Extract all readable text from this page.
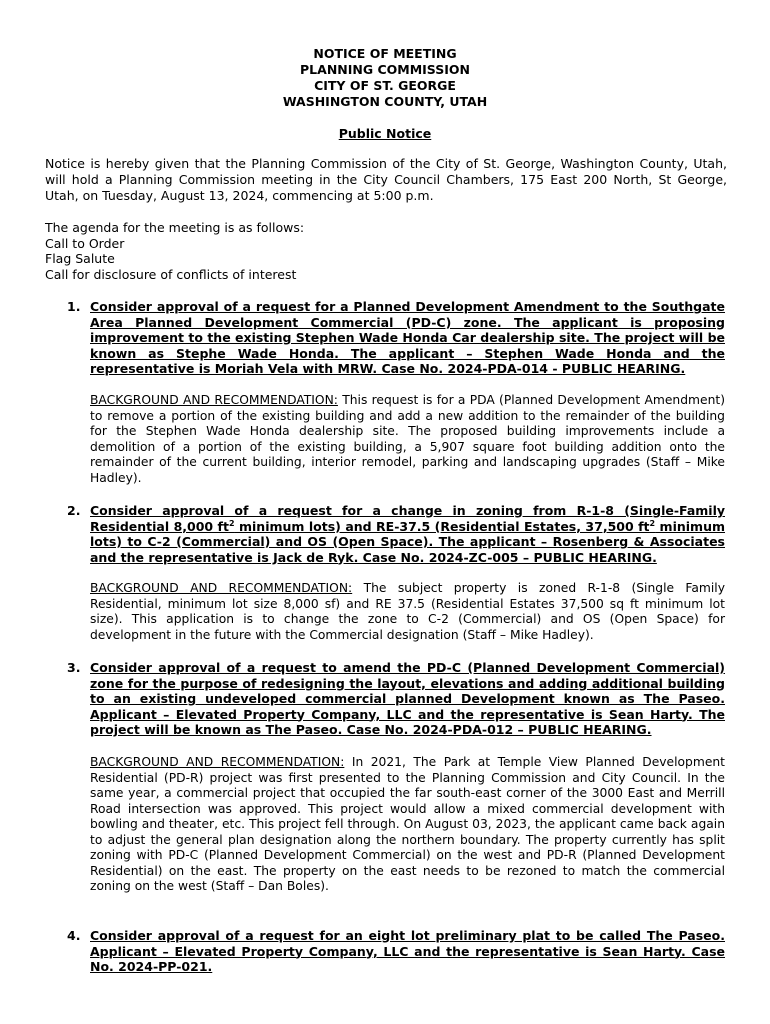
NOTICE OF MEETING
PLANNING COMMISSION
CITY OF ST. GEORGE
WASHINGTON COUNTY, UTAH
Public Notice
Notice is hereby given that the Planning Commission of the City of St. George, Washington County, Utah, will hold a Planning Commission meeting in the City Council Chambers, 175 East 200 North, St George, Utah, on Tuesday, August 13, 2024, commencing at 5:00 p.m.
The agenda for the meeting is as follows:
Call to Order
Flag Salute
Call for disclosure of conflicts of interest
1. Consider approval of a request for a Planned Development Amendment to the Southgate Area Planned Development Commercial (PD-C) zone. The applicant is proposing improvement to the existing Stephen Wade Honda Car dealership site. The project will be known as Stephe Wade Honda. The applicant – Stephen Wade Honda and the representative is Moriah Vela with MRW. Case No. 2024-PDA-014 - PUBLIC HEARING.
BACKGROUND AND RECOMMENDATION: This request is for a PDA (Planned Development Amendment) to remove a portion of the existing building and add a new addition to the remainder of the building for the Stephen Wade Honda dealership site. The proposed building improvements include a demolition of a portion of the existing building, a 5,907 square foot building addition onto the remainder of the current building, interior remodel, parking and landscaping upgrades (Staff – Mike Hadley).
2. Consider approval of a request for a change in zoning from R-1-8 (Single-Family Residential 8,000 $ft^2$ minimum lots) and RE-37.5 (Residential Estates, 37,500 $ft^2$ minimum lots) to C-2 (Commercial) and OS (Open Space). The applicant – Rosenberg & Associates and the representative is Jack de Ryk. Case No. 2024-ZC-005 – PUBLIC HEARING.
BACKGROUND AND RECOMMENDATION: The subject property is zoned R-1-8 (Single Family Residential, minimum lot size 8,000 sf) and RE 37.5 (Residential Estates 37,500 sq ft minimum lot size). This application is to change the zone to C-2 (Commercial) and OS (Open Space) for development in the future with the Commercial designation (Staff – Mike Hadley).
3. Consider approval of a request to amend the PD-C (Planned Development Commercial) zone for the purpose of redesigning the layout, elevations and adding additional building to an existing undeveloped commercial planned Development known as The Paseo. Applicant – Elevated Property Company, LLC and the representative is Sean Harty. The project will be known as The Paseo. Case No. 2024-PDA-012 – PUBLIC HEARING.
BACKGROUND AND RECOMMENDATION: In 2021, The Park at Temple View Planned Development Residential (PD-R) project was first presented to the Planning Commission and City Council. In the same year, a commercial project that occupied the far south-east corner of the 3000 East and Merrill Road intersection was approved. This project would allow a mixed commercial development with bowling and theater, etc. This project fell through. On August 03, 2023, the applicant came back again to adjust the general plan designation along the northern boundary. The property currently has split zoning with PD-C (Planned Development Commercial) on the west and PD-R (Planned Development Residential) on the east. The property on the east needs to be rezoned to match the commercial zoning on the west (Staff – Dan Boles).
4. Consider approval of a request for an eight lot preliminary plat to be called The Paseo. Applicant – Elevated Property Company, LLC and the representative is Sean Harty. Case No. 2024-PP-021.
